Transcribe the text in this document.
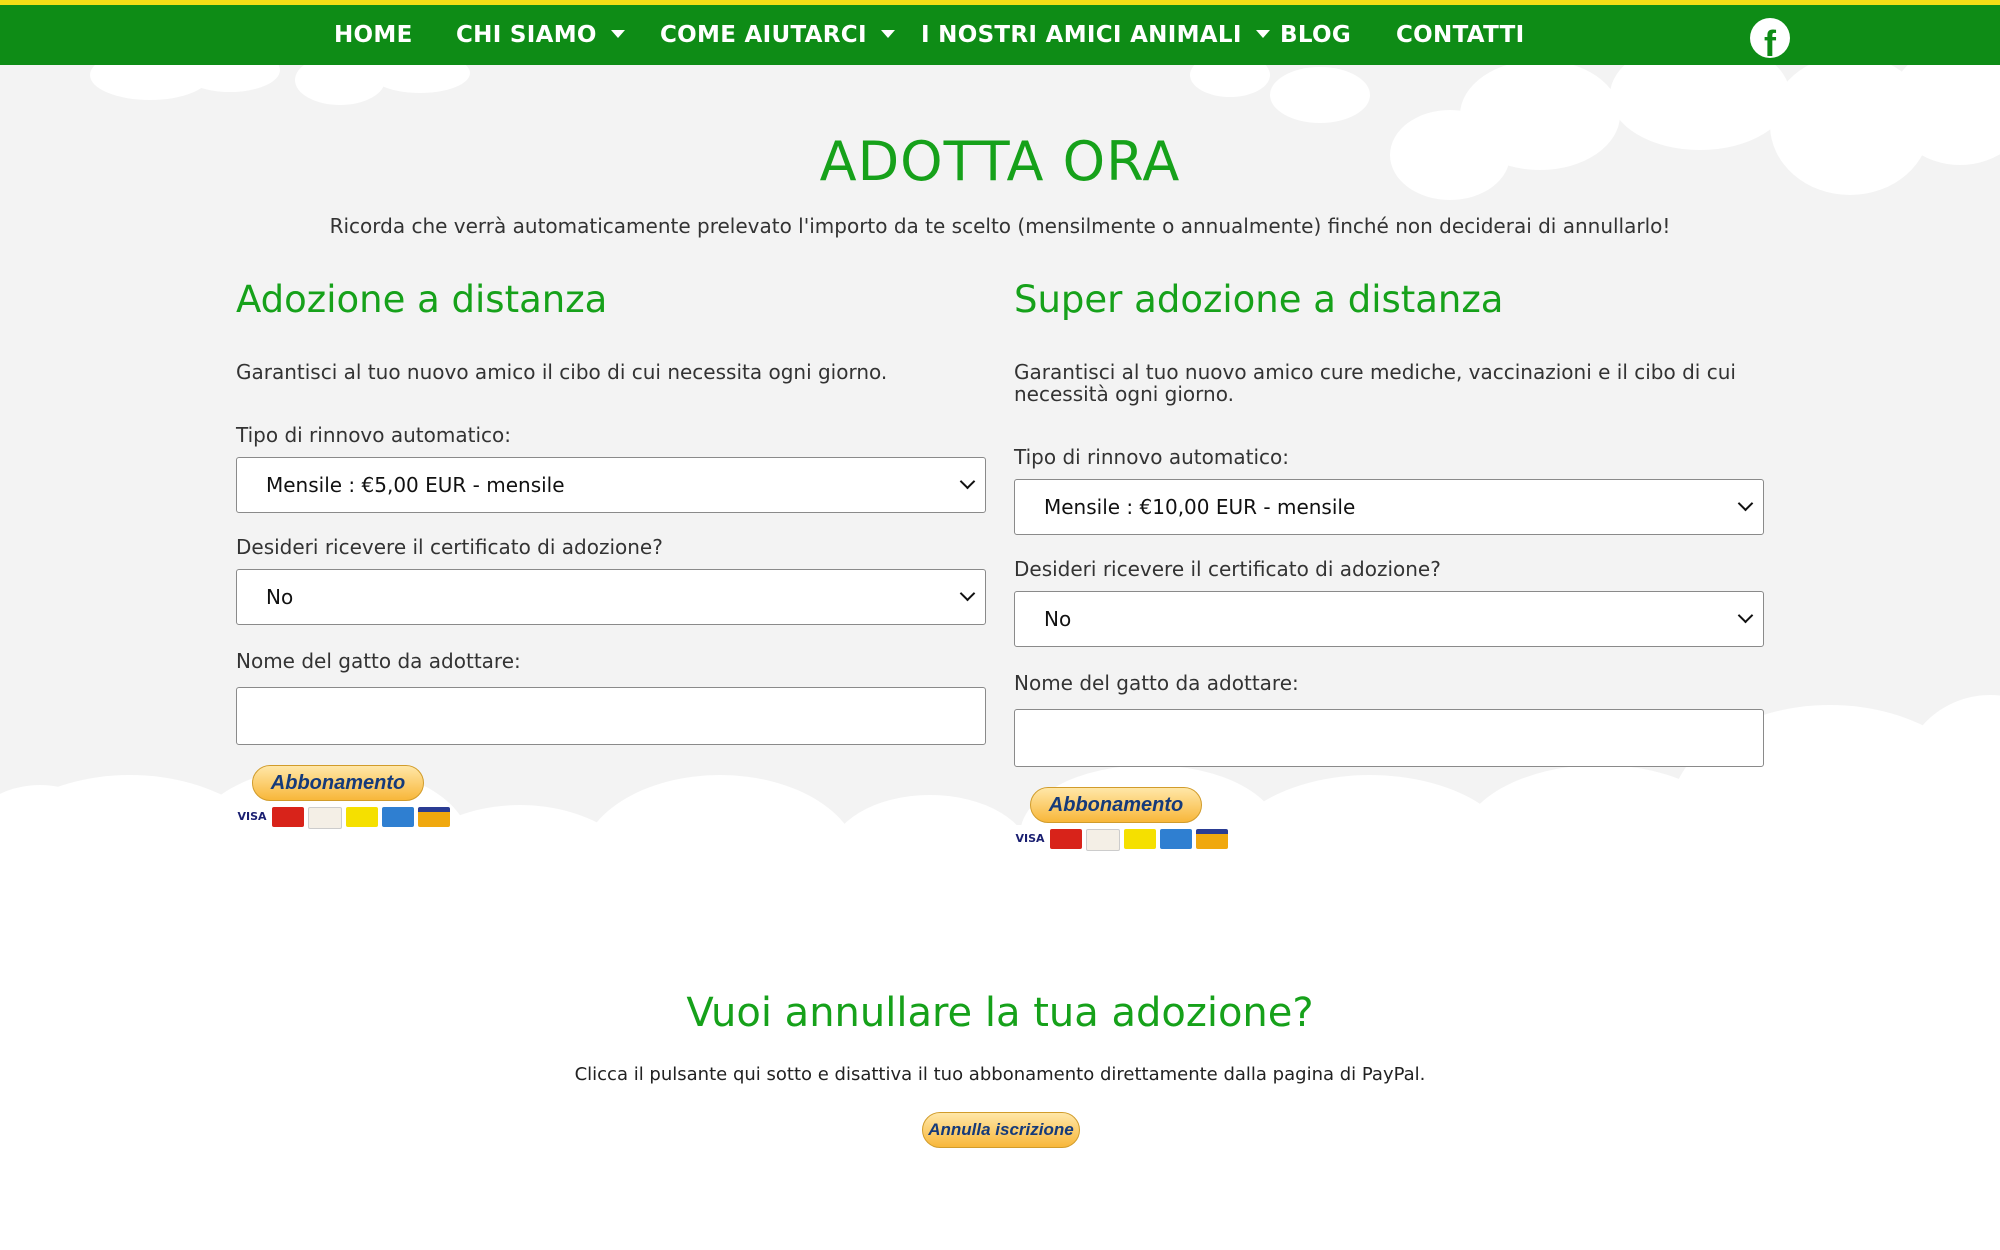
HOME CHI SIAMO	COME AIUTARCI	I NOSTRI AMICI ANIMALI	BLOG CONTATTI	f
ADOTTA ORA
Ricorda che verrà automaticamente prelevato l'importo da te scelto (mensilmente o annualmente) finché non deciderai di annullarlo!
Adozione a distanza
Garantisci al tuo nuovo amico il cibo di cui necessita ogni giorno.
Tipo di rinnovo automatico:
Mensile : €5,00 EUR - mensile
Desideri ricevere il certificato di adozione?
No
Nome del gatto da adottare:
Abbonamento
VISA
Super adozione a distanza
Garantisci al tuo nuovo amico cure mediche, vaccinazioni e il cibo di cui necessità ogni giorno.
Tipo di rinnovo automatico:
Mensile : €10,00 EUR - mensile
Desideri ricevere il certificato di adozione?
No
Nome del gatto da adottare:
Abbonamento
VISA
Vuoi annullare la tua adozione?
Clicca il pulsante qui sotto e disattiva il tuo abbonamento direttamente dalla pagina di PayPal.
Annulla iscrizione
